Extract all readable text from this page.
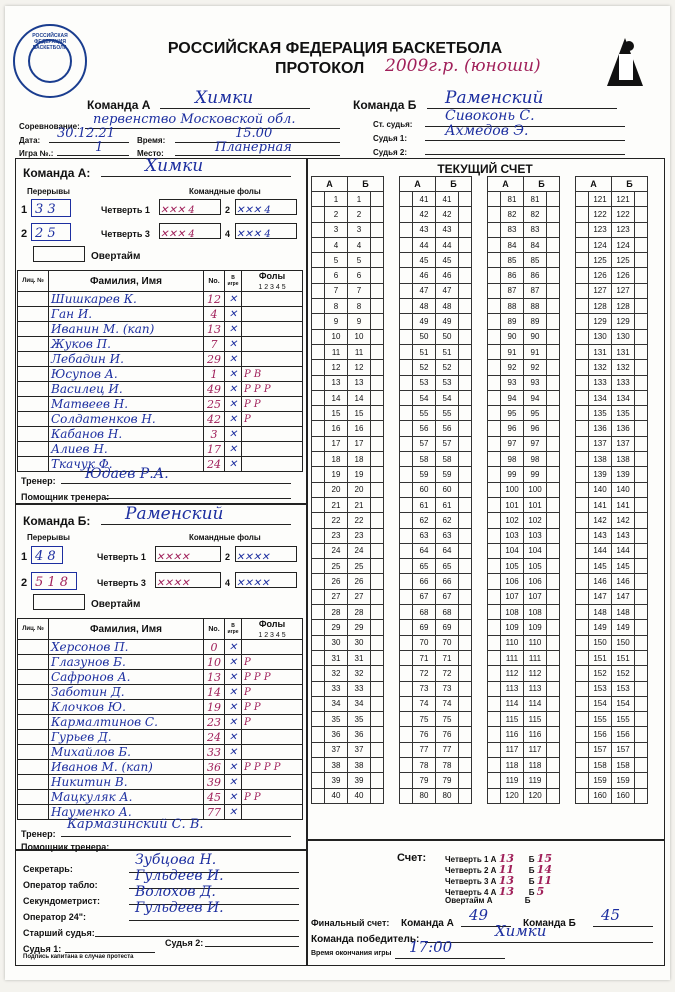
РОССИЙСКАЯ ФЕДЕРАЦИЯ БАСКЕТБОЛА	РОССИЙСКАЯ ФЕДЕРАЦИЯ БАСКЕТБОЛА
ПРОТОКОЛ 2009г.р. (юноши)
Команда А	Химки	Команда Б Раменский
Соревнование: первенство Московской обл.
Дата: 30.12.21	Время:	15.00
Игра №.:	1	Место:	Планерная
Ст. судья:
Сивоконь С.
Судья 1:	Ахмедов Э.
Судья 2:
Команда А:	Химки
Перерывы	Командные фолы
1 3 3	Четверть 1 ✕✕✕ 4	2 ✕✕✕ 4
2 2 5	Четверть 3 ✕✕✕ 4	4 ✕✕✕ 4
Овертайм
Лиц. №	Фамилия, Имя	No.	В игре	Фолы
1 2 3 4 5
	Шишкарев К.	12	✕	
	Ган И.	4	✕	
	Иванин М. (кап)	13	✕	
	Жуков П.	7	✕	
	Лебадин И.	29	✕	
	Юсупов А.	1	✕	P B
	Василец И.	49	✕	P P P
	Матвеев Н.	25	✕	P P
	Солдатенков Н.	42	✕	P
	Кабанов Н.	3	✕	
	Алиев Н.	17	✕	
	Ткачук Ф.	24	✕	
Тренер: Юдаев Р.А.
Помощник тренера:
Команда Б: Раменский
Перерывы	Командные фолы
1 4 8	Четверть 1 ✕✕✕✕	2 ✕✕✕✕
2 5 1 8	Четверть 3 ✕✕✕✕	4 ✕✕✕✕
Овертайм
Лиц. №	Фамилия, Имя	No.	В игре	Фолы
1 2 3 4 5
	Херсонов П.	0	✕	
	Глазунов Б.	10	✕	P
	Сафронов А.	13	✕	P P P
	Заботин Д.	14	✕	P
	Клочков Ю.	19	✕	P P
	Кармалтинов С.	23	✕	P
	Гурьев Д.	24	✕	
	Михайлов Б.	33	✕	
	Иванов М. (кап)	36	✕	P P P P
	Никитин В.	39	✕	
	Мацкуляк А.	45	✕	P P
	Науменко А.	77	✕	
Тренер:
Кармазинский С. В.
Помощник тренера:
Секретарь:
Зубцова Н.
Оператор табло:
Гульдеев И.
Секундометрист:
Волохов Д.
Оператор 24":
Гульдеев И.
Старший судья:
Судья 1:
Судья 2:
Подпись капитана в случае протеста
ТЕКУЩИЙ СЧЕТ
А		Б	
	1	1	
	2	2	
	3	3	
	4	4	
	5	5	
	6	6	
	7	7	
	8	8	
	9	9	
	10	10	
	11	11	
	12	12	
	13	13	
	14	14	
	15	15	
	16	16	
	17	17	
	18	18	
	19	19	
	20	20	
	21	21	
	22	22	
	23	23	
	24	24	
	25	25	
	26	26	
	27	27	
	28	28	
	29	29	
	30	30	
	31	31	
	32	32	
	33	33	
	34	34	
	35	35	
	36	36	
	37	37	
	38	38	
	39	39	
	40	40	
А		Б	
	41	41	
	42	42	
	43	43	
	44	44	
	45	45	
	46	46	
	47	47	
	48	48	
	49	49	
	50	50	
	51	51	
	52	52	
	53	53	
	54	54	
	55	55	
	56	56	
	57	57	
	58	58	
	59	59	
	60	60	
	61	61	
	62	62	
	63	63	
	64	64	
	65	65	
	66	66	
	67	67	
	68	68	
	69	69	
	70	70	
	71	71	
	72	72	
	73	73	
	74	74	
	75	75	
	76	76	
	77	77	
	78	78	
	79	79	
	80	80	
А		Б	
	81	81	
	82	82	
	83	83	
	84	84	
	85	85	
	86	86	
	87	87	
	88	88	
	89	89	
	90	90	
	91	91	
	92	92	
	93	93	
	94	94	
	95	95	
	96	96	
	97	97	
	98	98	
	99	99	
	100	100	
	101	101	
	102	102	
	103	103	
	104	104	
	105	105	
	106	106	
	107	107	
	108	108	
	109	109	
	110	110	
	111	111	
	112	112	
	113	113	
	114	114	
	115	115	
	116	116	
	117	117	
	118	118	
	119	119	
	120	120	
А		Б	
	121	121	
	122	122	
	123	123	
	124	124	
	125	125	
	126	126	
	127	127	
	128	128	
	129	129	
	130	130	
	131	131	
	132	132	
	133	133	
	134	134	
	135	135	
	136	136	
	137	137	
	138	138	
	139	139	
	140	140	
	141	141	
	142	142	
	143	143	
	144	144	
	145	145	
	146	146	
	147	147	
	148	148	
	149	149	
	150	150	
	151	151	
	152	152	
	153	153	
	154	154	
	155	155	
	156	156	
	157	157	
	158	158	
	159	159	
	160	160	
Счет: Четверть 1 А 13 Б 15
Четверть 2 А 11 Б 14
Четверть 3 А 13 Б 11
Четверть 4 А 13 Б 5
Овертайм А	Б
Финальный счет: Команда А 49	Команда Б 45
Команда победитель:	Химки
Время окончания игры 17:00
